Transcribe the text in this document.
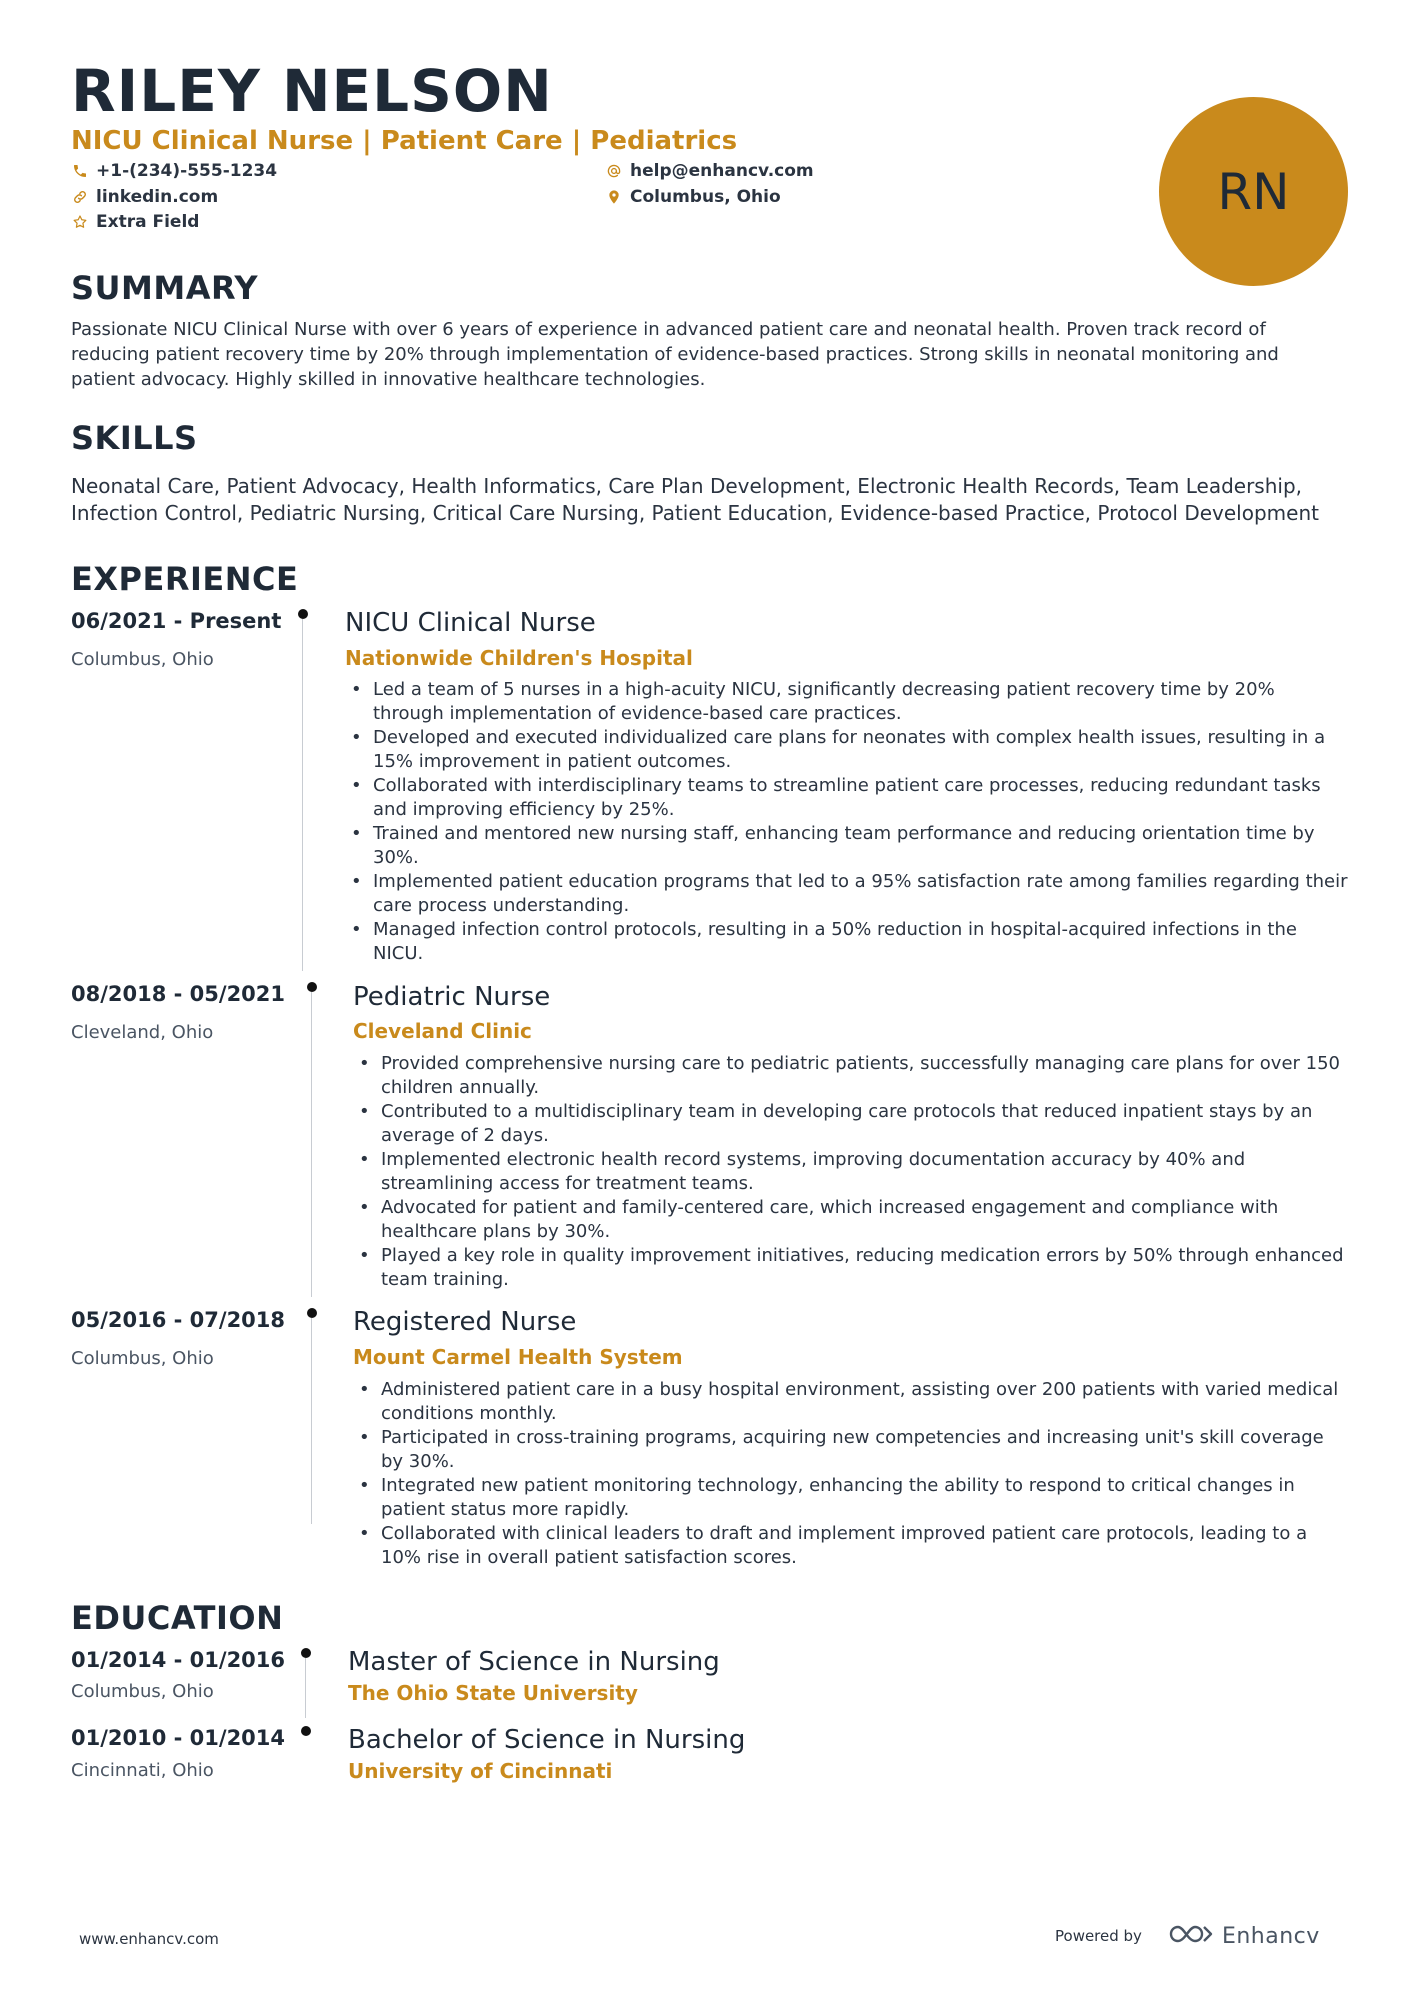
RILEY NELSON
NICU Clinical Nurse | Patient Care | Pediatrics
+1-(234)-555-1234
linkedin.com
Extra Field
help@enhancv.com
Columbus, Ohio	RN
SUMMARY
Passionate NICU Clinical Nurse with over 6 years of experience in advanced patient care and neonatal health. Proven track record of reducing patient recovery time by 20% through implementation of evidence-based practices. Strong skills in neonatal monitoring and patient advocacy. Highly skilled in innovative healthcare technologies.
SKILLS
Neonatal Care, Patient Advocacy, Health Informatics, Care Plan Development, Electronic Health Records, Team Leadership, Infection Control, Pediatric Nursing, Critical Care Nursing, Patient Education, Evidence-based Practice, Protocol Development
EXPERIENCE
06/2021 - Present
Columbus, Ohio
NICU Clinical Nurse
Nationwide Children's Hospital
• Led a team of 5 nurses in a high-acuity NICU, significantly decreasing patient recovery time by 20% through implementation of evidence-based care practices.
• Developed and executed individualized care plans for neonates with complex health issues, resulting in a 15% improvement in patient outcomes.
• Collaborated with interdisciplinary teams to streamline patient care processes, reducing redundant tasks and improving efficiency by 25%.
• Trained and mentored new nursing staff, enhancing team performance and reducing orientation time by 30%.
• Implemented patient education programs that led to a 95% satisfaction rate among families regarding their care process understanding.
• Managed infection control protocols, resulting in a 50% reduction in hospital-acquired infections in the NICU.
08/2018 - 05/2021
Cleveland, Ohio
Pediatric Nurse
Cleveland Clinic
• Provided comprehensive nursing care to pediatric patients, successfully managing care plans for over 150 children annually.
• Contributed to a multidisciplinary team in developing care protocols that reduced inpatient stays by an average of 2 days.
• Implemented electronic health record systems, improving documentation accuracy by 40% and streamlining access for treatment teams.
• Advocated for patient and family-centered care, which increased engagement and compliance with healthcare plans by 30%.
• Played a key role in quality improvement initiatives, reducing medication errors by 50% through enhanced team training.
05/2016 - 07/2018
Columbus, Ohio
Registered Nurse
Mount Carmel Health System
• Administered patient care in a busy hospital environment, assisting over 200 patients with varied medical conditions monthly.
• Participated in cross-training programs, acquiring new competencies and increasing unit's skill coverage by 30%.
• Integrated new patient monitoring technology, enhancing the ability to respond to critical changes in patient status more rapidly.
• Collaborated with clinical leaders to draft and implement improved patient care protocols, leading to a 10% rise in overall patient satisfaction scores.
EDUCATION
01/2014 - 01/2016
Columbus, Ohio
Master of Science in Nursing
The Ohio State University
01/2010 - 01/2014
Cincinnati, Ohio
Bachelor of Science in Nursing
University of Cincinnati
www.enhancv.com	Powered by	Enhancv
